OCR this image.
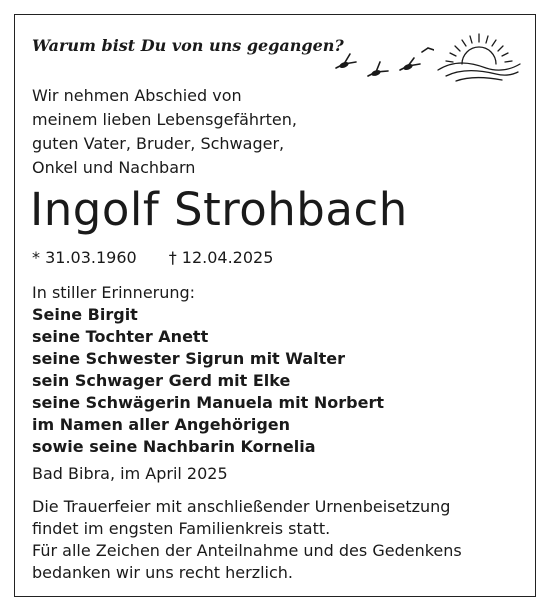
Warum bist Du von uns gegangen?

Wir nehmen Abschied von
meinem lieben Lebensgefährten,
guten Vater, Bruder, Schwager,
Onkel und Nachbarn

Ingolf Strohbach

* 31.03.1960 † 12.04.2025

In stiller Erinnerung:

Seine Birgit
seine Tochter Anett
seine Schwester Sigrun mit Walter
sein Schwager Gerd mit Elke
seine Schwägerin Manuela mit Norbert
im Namen aller Angehörigen
sowie seine Nachbarin Kornelia

Bad Bibra, im April 2025

Die Trauerfeier mit anschließender Urnenbeisetzung
findet im engsten Familienkreis statt.
Für alle Zeichen der Anteilnahme und des Gedenkens
bedanken wir uns recht herzlich.
